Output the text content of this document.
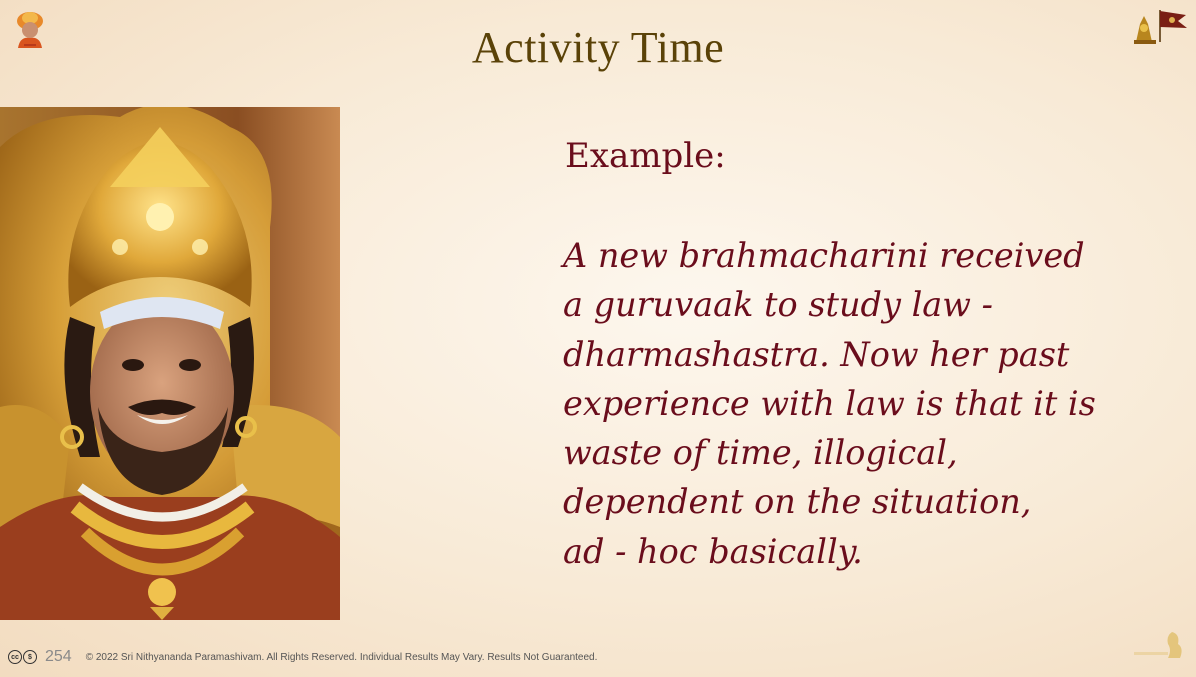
Activity Time
Example:
A new brahmacharini received
a guruvaak to study law -
dharmashastra. Now her past
experience with law is that it is
waste of time, illogical,
dependent on the situation,
ad - hoc basically.
cc	$ 254 © 2022 Sri Nithyananda Paramashivam. All Rights Reserved. Individual Results May Vary. Results Not Guaranteed.
